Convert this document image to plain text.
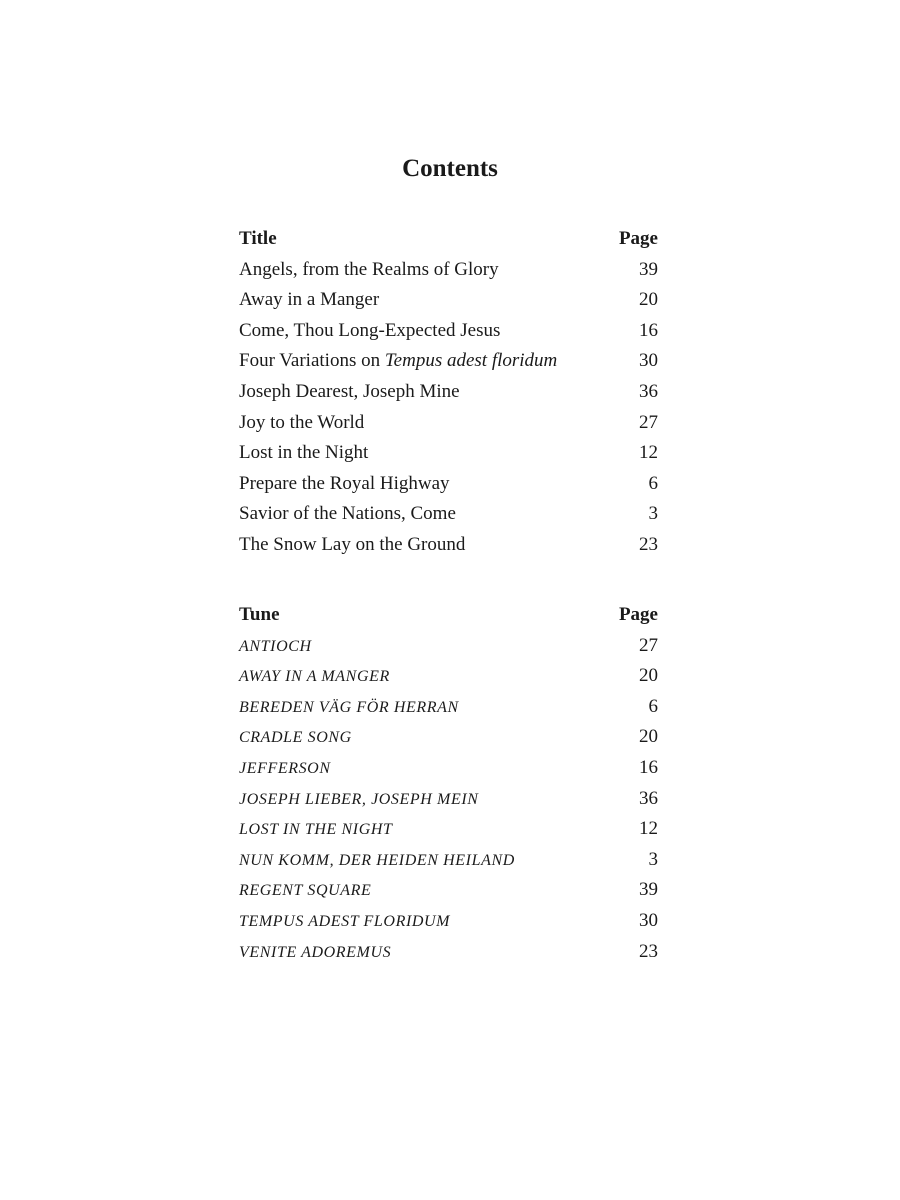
Contents
Title	Page
Angels, from the Realms of Glory	39
Away in a Manger	20
Come, Thou Long-Expected Jesus	16
Four Variations on Tempus adest floridum	30
Joseph Dearest, Joseph Mine	36
Joy to the World	27
Lost in the Night	12
Prepare the Royal Highway	6
Savior of the Nations, Come	3
The Snow Lay on the Ground	23
Tune	Page
ANTIOCH	27
AWAY IN A MANGER	20
BEREDEN VÄG FÖR HERRAN	6
CRADLE SONG	20
JEFFERSON	16
JOSEPH LIEBER, JOSEPH MEIN	36
LOST IN THE NIGHT	12
NUN KOMM, DER HEIDEN HEILAND	3
REGENT SQUARE	39
TEMPUS ADEST FLORIDUM	30
VENITE ADOREMUS	23
